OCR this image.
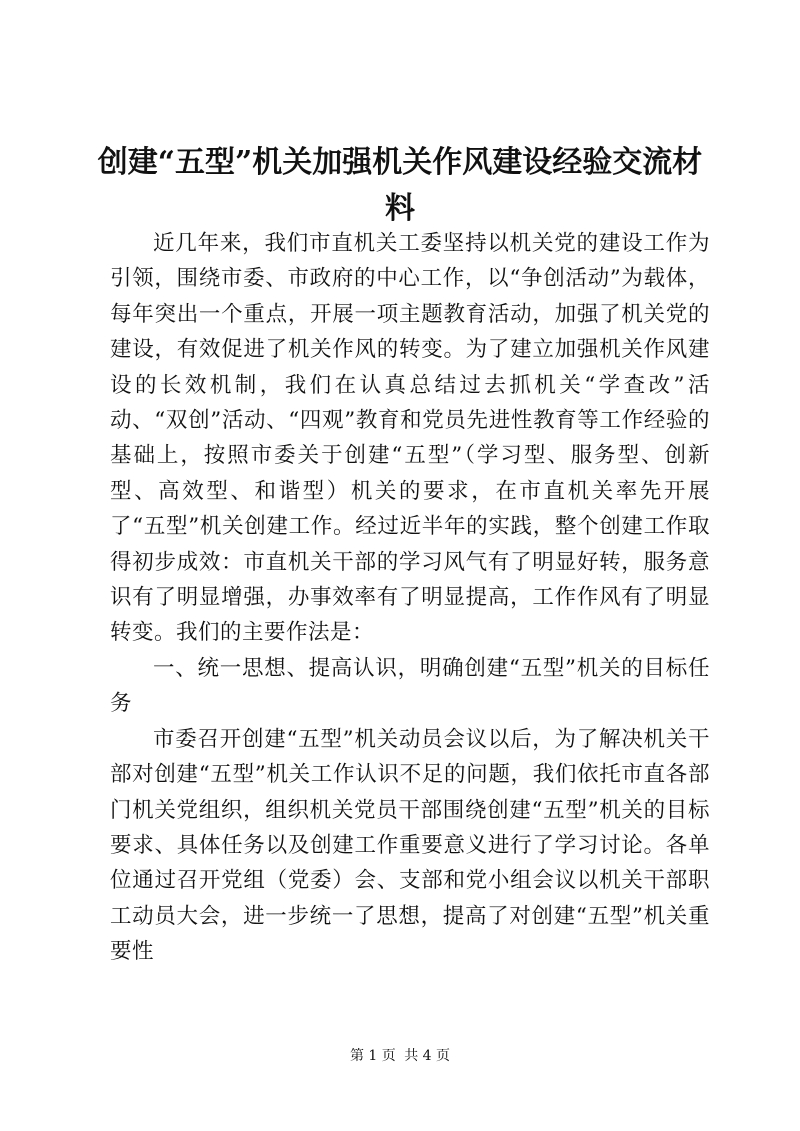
创建“五型”机关加强机关作风建设经验交流材料

近几年来，我们市直机关工委坚持以机关党的建设工作为引领，围绕市委、市政府的中心工作，以“争创活动”为载体，每年突出一个重点，开展一项主题教育活动，加强了机关党的建设，有效促进了机关作风的转变。为了建立加强机关作风建设的长效机制，我们在认真总结过去抓机关“学查改”活动、“双创”活动、“四观”教育和党员先进性教育等工作经验的基础上，按照市委关于创建“五型”（学习型、服务型、创新型、高效型、和谐型）机关的要求，在市直机关率先开展了“五型”机关创建工作。经过近半年的实践，整个创建工作取得初步成效：市直机关干部的学习风气有了明显好转，服务意识有了明显增强，办事效率有了明显提高，工作作风有了明显转变。我们的主要作法是：

一、统一思想、提高认识，明确创建“五型”机关的目标任务

市委召开创建“五型”机关动员会议以后，为了解决机关干部对创建“五型”机关工作认识不足的问题，我们依托市直各部门机关党组织，组织机关党员干部围绕创建“五型”机关的目标要求、具体任务以及创建工作重要意义进行了学习讨论。各单位通过召开党组（党委）会、支部和党小组会议以机关干部职工动员大会，进一步统一了思想，提高了对创建“五型”机关重要性

第 1 页 共 4 页
